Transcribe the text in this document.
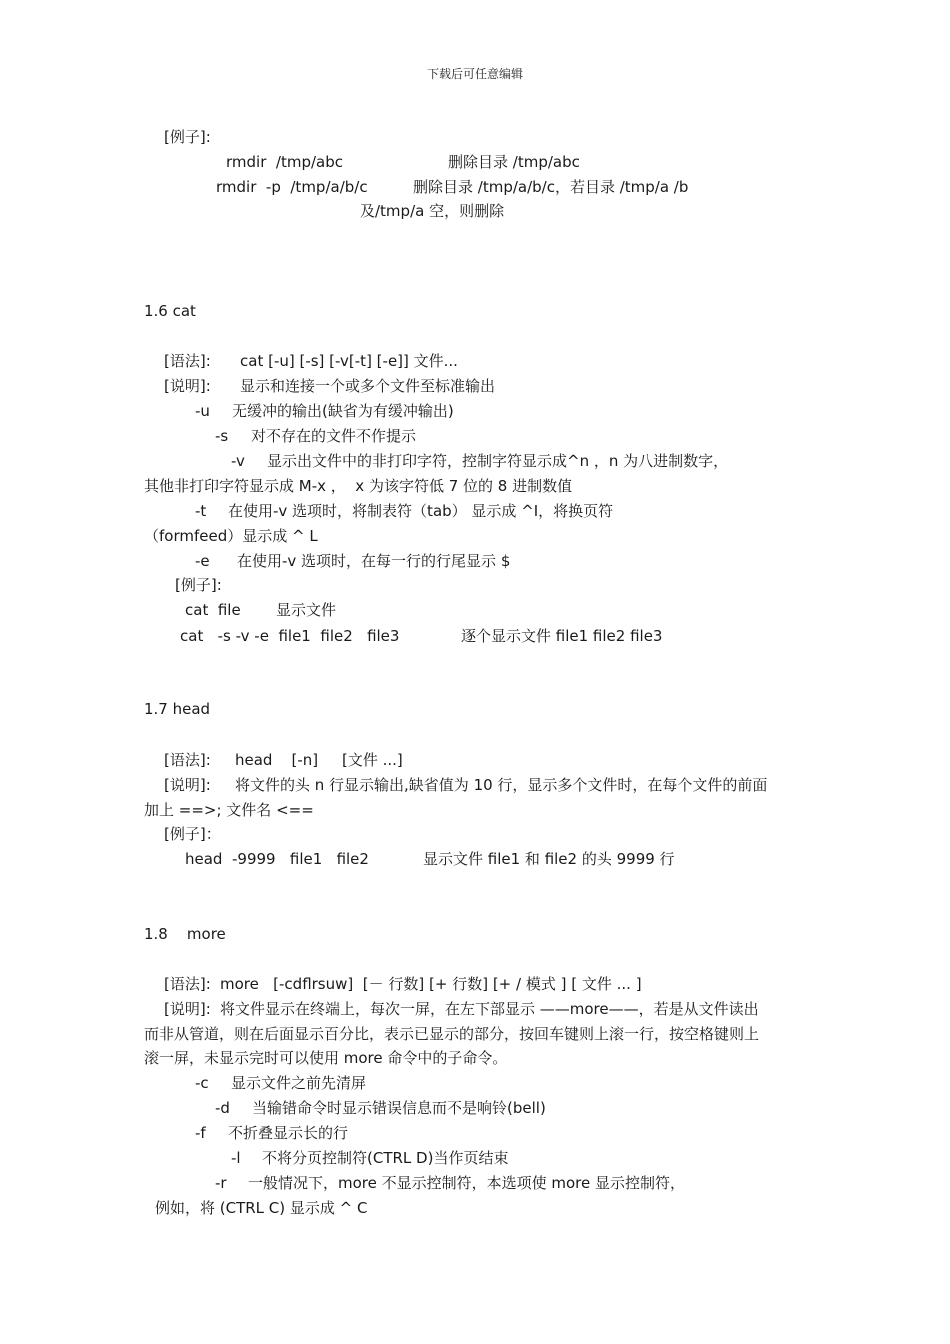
下载后可任意编辑
[例子]:
rmdir  /tmp/abc	删除目录 /tmp/abc
rmdir  -p  /tmp/a/b/c	删除目录 /tmp/a/b/c，若目录 /tmp/a /b
及/tmp/a 空，则删除
1.6 cat
[语法]: cat [-u] [-s] [-v[-t] [-e]] 文件...
[说明]: 显示和连接一个或多个文件至标准输出
-u 无缓冲的输出(缺省为有缓冲输出)
-s 对不存在的文件不作提示
-v 显示出文件中的非打印字符，控制字符显示成^n ，n 为八进制数字，
其他非打印字符显示成 M-x ，  x 为该字符低 7 位的 8 进制数值
-t 在使用-v 选项时，将制表符（tab） 显示成 ^I，将换页符
（formfeed）显示成 ^ L
-e 在使用-v 选项时，在每一行的行尾显示 $
[例子]:
cat  file 显示文件
cat   -s -v -e  file1  file2   file3	逐个显示文件 file1 file2 file3
1.7 head
[语法]: head    [-n]     [文件 ...]
[说明]: 将文件的头 n 行显示输出,缺省值为 10 行，显示多个文件时，在每个文件的前面
加上 ==>; 文件名 <==
[例子]：
head  -9999   file1   file2	显示文件 file1 和 file2 的头 9999 行
1.8    more
[语法]: more   [-cdflrsuw]  [－ 行数] [+ 行数] [+ / 模式 ] [ 文件 ... ]
[说明]: 将文件显示在终端上，每次一屏，在左下部显示 ——more——，若是从文件读出
而非从管道，则在后面显示百分比，表示已显示的部分，按回车键则上滚一行，按空格键则上
滚一屏，未显示完时可以使用 more 命令中的子命令。
-c 显示文件之前先清屏
-d 当输错命令时显示错误信息而不是响铃(bell)
-f 不折叠显示长的行
-l 不将分页控制符(CTRL D)当作页结束
-r 一般情况下，more 不显示控制符，本选项使 more 显示控制符，
例如，将 (CTRL C) 显示成 ^ C
